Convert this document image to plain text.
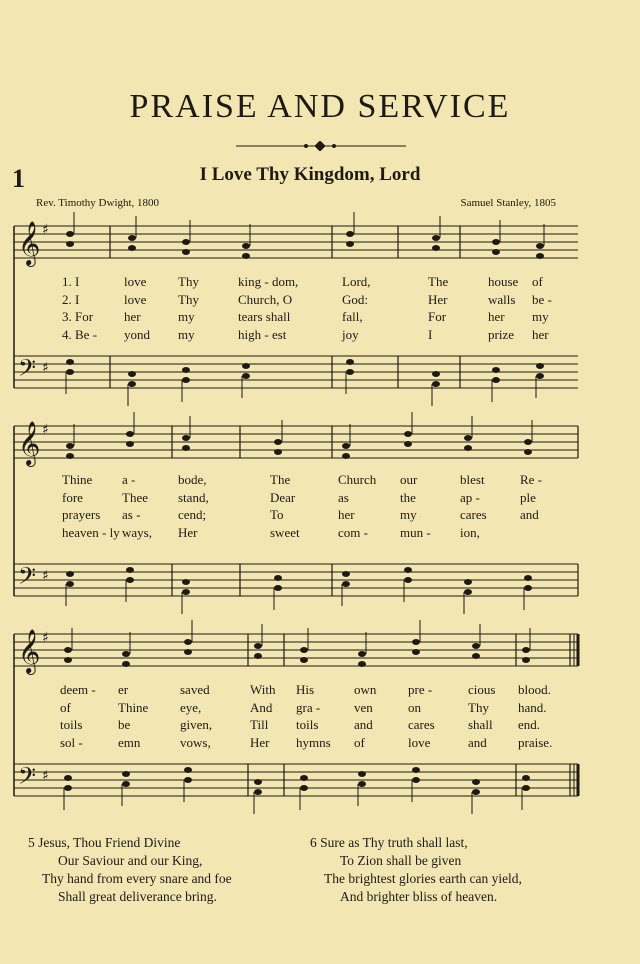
PRAISE AND SERVICE
1	I Love Thy Kingdom, Lord
Rev. Timothy Dwight, 1800	Samuel Stanley, 1805
𝄞
𝄢
♯
♯
𝄞
𝄢
♯
♯
𝄞
𝄢
♯
♯
1. I	love Thy	king - dom,	Lord,	The	house of
2. I	love Thy	Church, O	God:	Her	walls be -
3. For her	my	tears shall	fall,	For	her my
4. Be - yond my	high - est	joy	I	prize her
Thine a -	bode,	The	Church our	blest	Re -
fore	Thee stand,	Dear	as	the	ap -	ple
prayers as -	cend;	To	her	my	cares	and
heaven - ly ways, Her	sweet	com - mun - ion,
deem - er	saved	With His	own pre -	cious blood.
of	Thine eye,	And gra -	ven	on	Thy hand.
toils	be	given,	Till toils	and	cares	shall end.
sol -	emn	vows,	Her hymns of	love	and praise.
5 Jesus, Thou Friend Divine
Our Saviour and our King,
Thy hand from every snare and foe
Shall great deliverance bring.
6 Sure as Thy truth shall last,
To Zion shall be given
The brightest glories earth can yield,
And brighter bliss of heaven.
